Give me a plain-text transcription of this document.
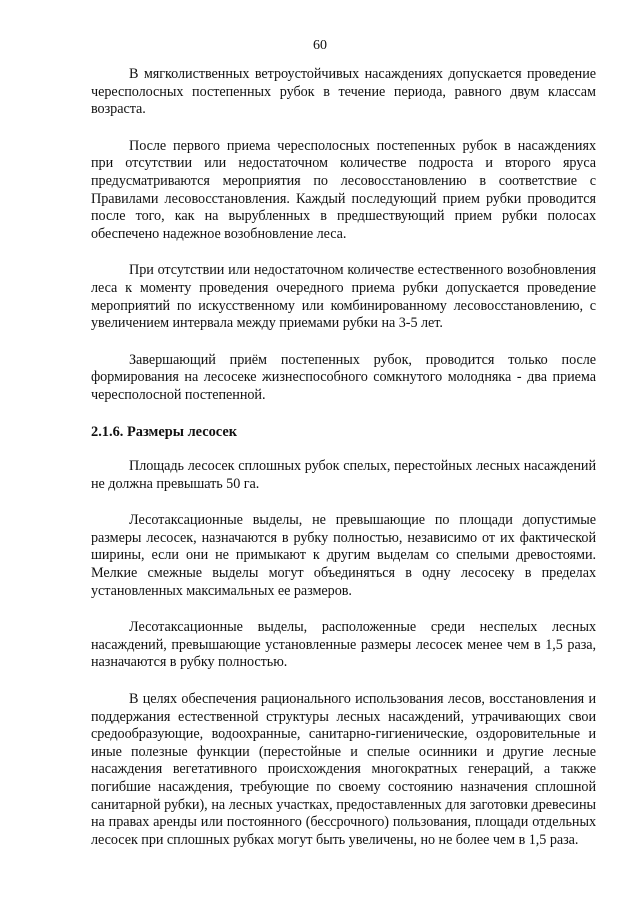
60

В мягколиственных ветроустойчивых насаждениях допускается проведение чересполосных постепенных рубок в течение периода, равного двум классам возраста.

После первого приема чересполосных постепенных рубок в насаждениях при отсутствии или недостаточном количестве подроста и второго яруса предусматриваются мероприятия по лесовосстановлению в соответствие с Правилами лесовосстановления. Каждый последующий прием рубки проводится после того, как на вырубленных в предшествующий прием рубки полосах обеспечено надежное возобновление леса.

При отсутствии или недостаточном количестве естественного возобновления леса к моменту проведения очередного приема рубки допускается проведение мероприятий по искусственному или комбинированному лесовосстановлению, с увеличением интервала между приемами рубки на 3-5 лет.

Завершающий приём постепенных рубок, проводится только после формирования на лесосеке жизнеспособного сомкнутого молодняка - два приема чересполосной постепенной.

2.1.6. Размеры лесосек

Площадь лесосек сплошных рубок спелых, перестойных лесных насаждений не должна превышать 50 га.

Лесотаксационные выделы, не превышающие по площади допустимые размеры лесосек, назначаются в рубку полностью, независимо от их фактической ширины, если они не примыкают к другим выделам со спелыми древостоями. Мелкие смежные выделы могут объединяться в одну лесосеку в пределах установленных максимальных ее размеров.

Лесотаксационные выделы, расположенные среди неспелых лесных насаждений, превышающие установленные размеры лесосек менее чем в 1,5 раза, назначаются в рубку полностью.

В целях обеспечения рационального использования лесов, восстановления и поддержания естественной структуры лесных насаждений, утрачивающих свои средообразующие, водоохранные, санитарно-гигиенические, оздоровительные и иные полезные функции (перестойные и спелые осинники и другие лесные насаждения вегетативного происхождения многократных генераций, а также погибшие насаждения, требующие по своему состоянию назначения сплошной санитарной рубки), на лесных участках, предоставленных для заготовки древесины на правах аренды или постоянного (бессрочного) пользования, площади отдельных лесосек при сплошных рубках могут быть увеличены, но не более чем в 1,5 раза.
